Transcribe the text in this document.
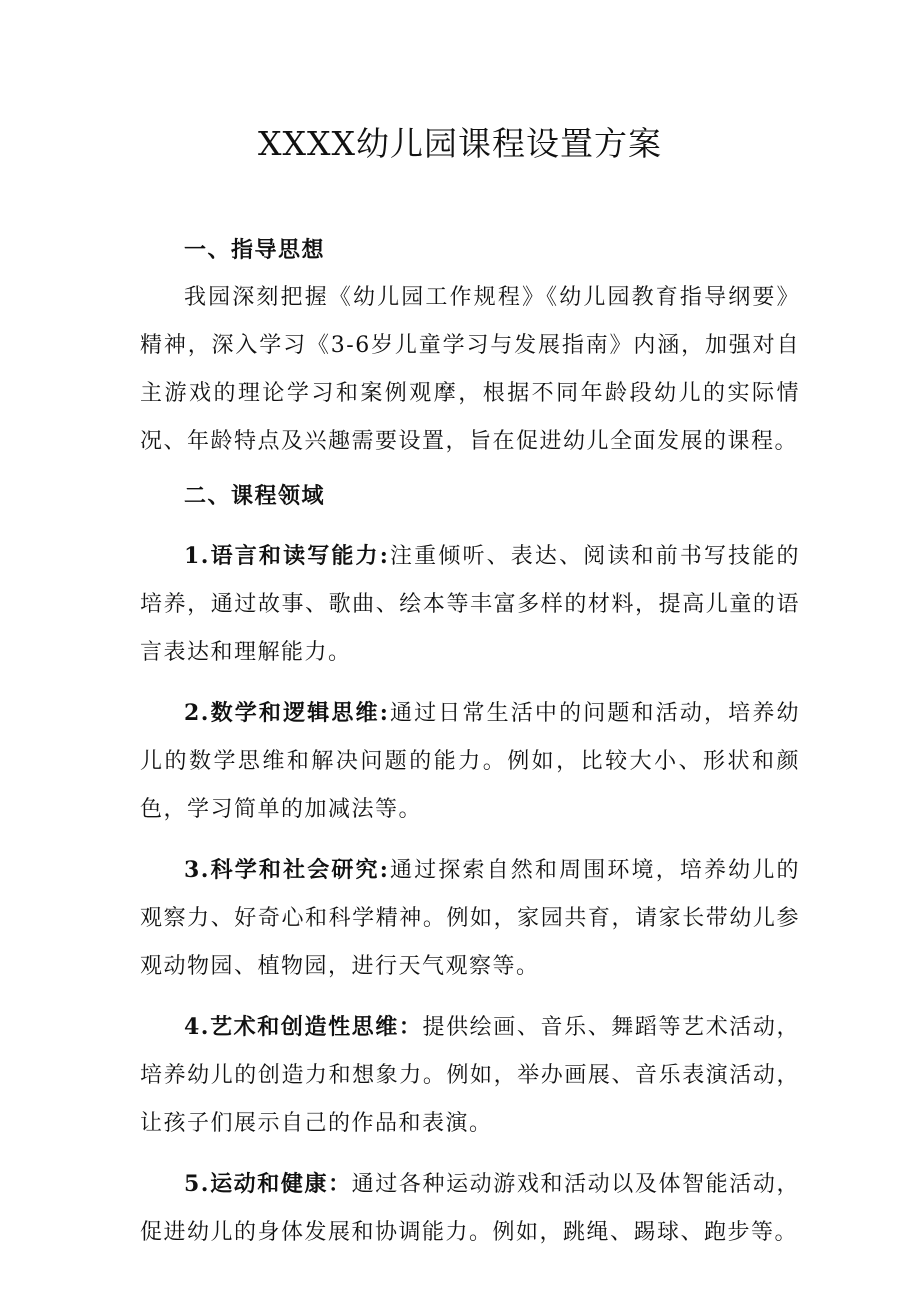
XXXX幼儿园课程设置方案

一、指导思想

我园深刻把握《幼儿园工作规程》《幼儿园教育指导纲要》精神，深入学习《3-6岁儿童学习与发展指南》内涵，加强对自主游戏的理论学习和案例观摩，根据不同年龄段幼儿的实际情况、年龄特点及兴趣需要设置，旨在促进幼儿全面发展的课程。

二、课程领域

1.语言和读写能力:注重倾听、表达、阅读和前书写技能的培养，通过故事、歌曲、绘本等丰富多样的材料，提高儿童的语言表达和理解能力。

2.数学和逻辑思维:通过日常生活中的问题和活动，培养幼儿的数学思维和解决问题的能力。例如，比较大小、形状和颜色，学习简单的加减法等。

3.科学和社会研究:通过探索自然和周围环境，培养幼儿的观察力、好奇心和科学精神。例如，家园共育，请家长带幼儿参观动物园、植物园，进行天气观察等。

4.艺术和创造性思维：提供绘画、音乐、舞蹈等艺术活动，培养幼儿的创造力和想象力。例如，举办画展、音乐表演活动，让孩子们展示自己的作品和表演。

5.运动和健康：通过各种运动游戏和活动以及体智能活动，促进幼儿的身体发展和协调能力。例如，跳绳、踢球、跑步等。
